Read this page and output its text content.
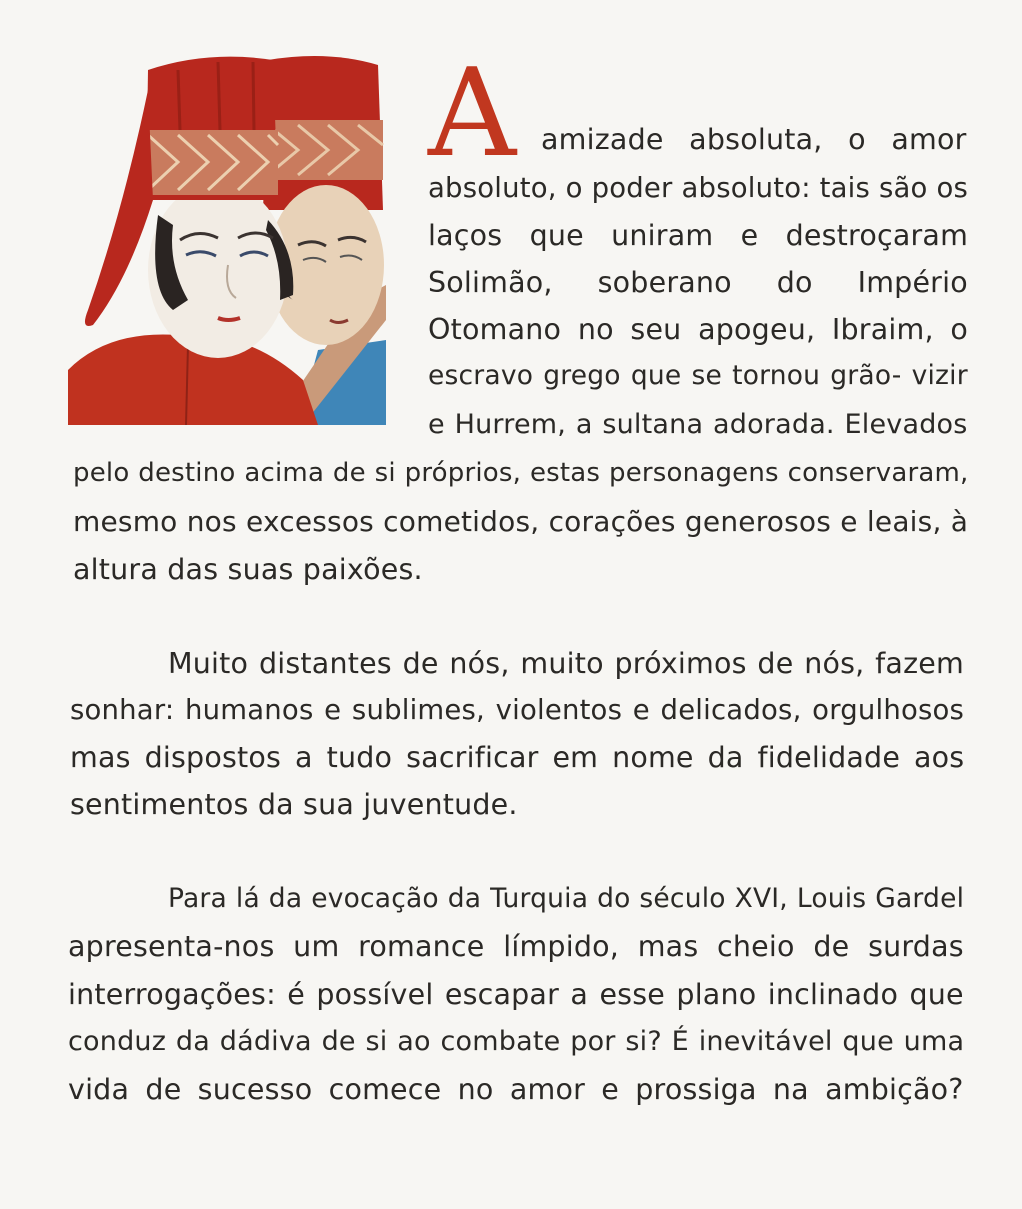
A amizade absoluta, o amor
absoluto, o poder absoluto: tais são os
laços que uniram e destroçaram
Solimão, soberano do Império
Otomano no seu apogeu, Ibraim, o
escravo grego que se tornou grão- vizir
e Hurrem, a sultana adorada. Elevados
pelo destino acima de si próprios, estas personagens conservaram,
mesmo nos excessos cometidos, corações generosos e leais, à
altura das suas paixões.
Muito distantes de nós, muito próximos de nós, fazem
sonhar: humanos e sublimes, violentos e delicados, orgulhosos
mas dispostos a tudo sacrificar em nome da fidelidade aos
sentimentos da sua juventude.
Para lá da evocação da Turquia do século XVI, Louis Gardel
apresenta-nos um romance límpido, mas cheio de surdas
interrogações: é possível escapar a esse plano inclinado que
conduz da dádiva de si ao combate por si? É inevitável que uma
vida de sucesso comece no amor e prossiga na ambição?
